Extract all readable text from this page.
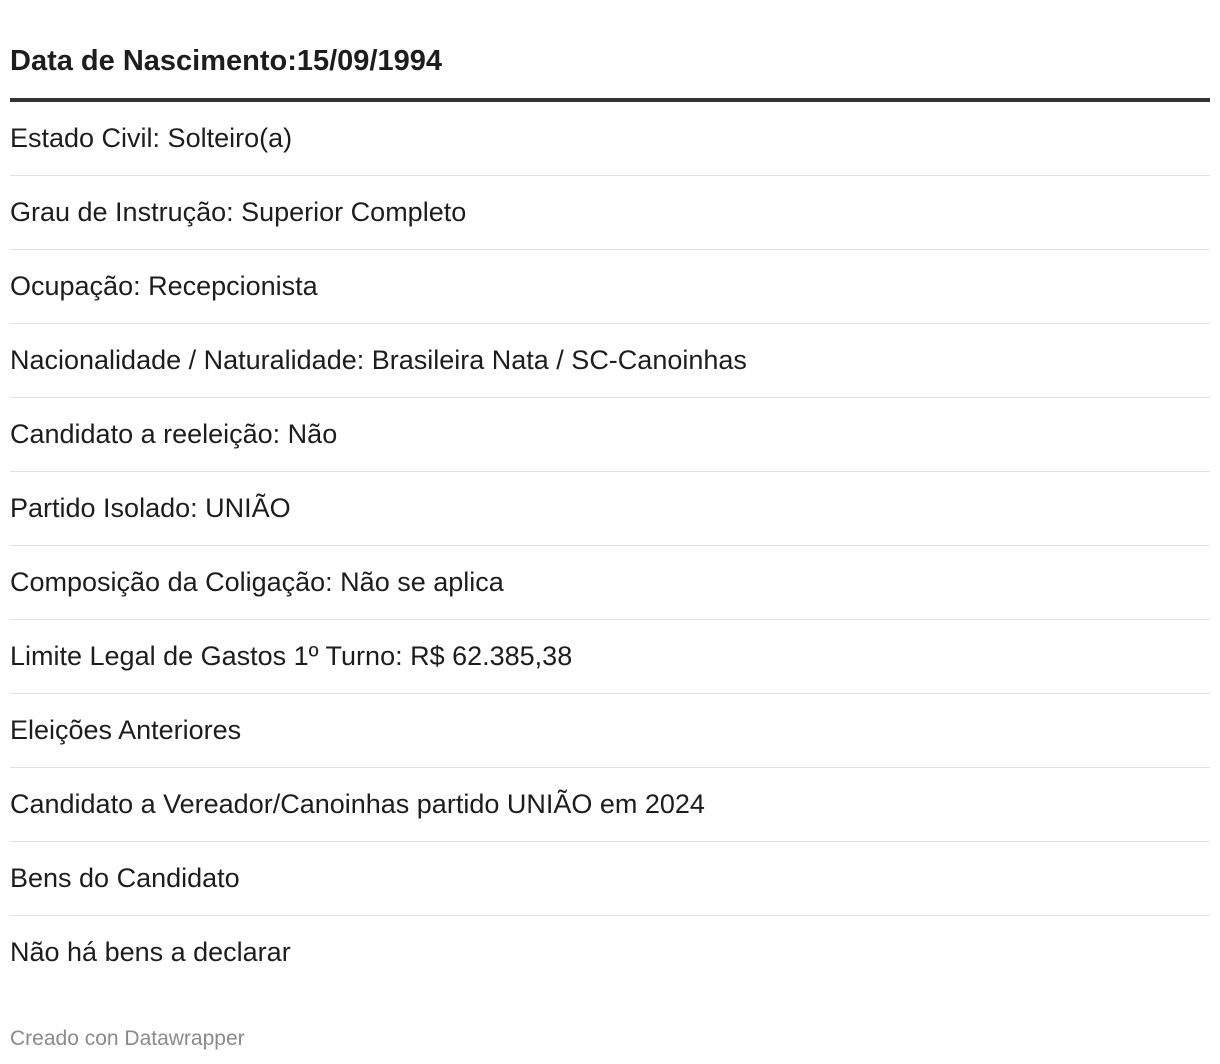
Data de Nascimento:15/09/1994
Estado Civil: Solteiro(a)
Grau de Instrução: Superior Completo
Ocupação: Recepcionista
Nacionalidade / Naturalidade: Brasileira Nata / SC-Canoinhas
Candidato a reeleição: Não
Partido Isolado: UNIÃO
Composição da Coligação: Não se aplica
Limite Legal de Gastos 1º Turno: R$ 62.385,38
Eleições Anteriores
Candidato a Vereador/Canoinhas partido UNIÃO em 2024
Bens do Candidato
Não há bens a declarar
Creado con Datawrapper
